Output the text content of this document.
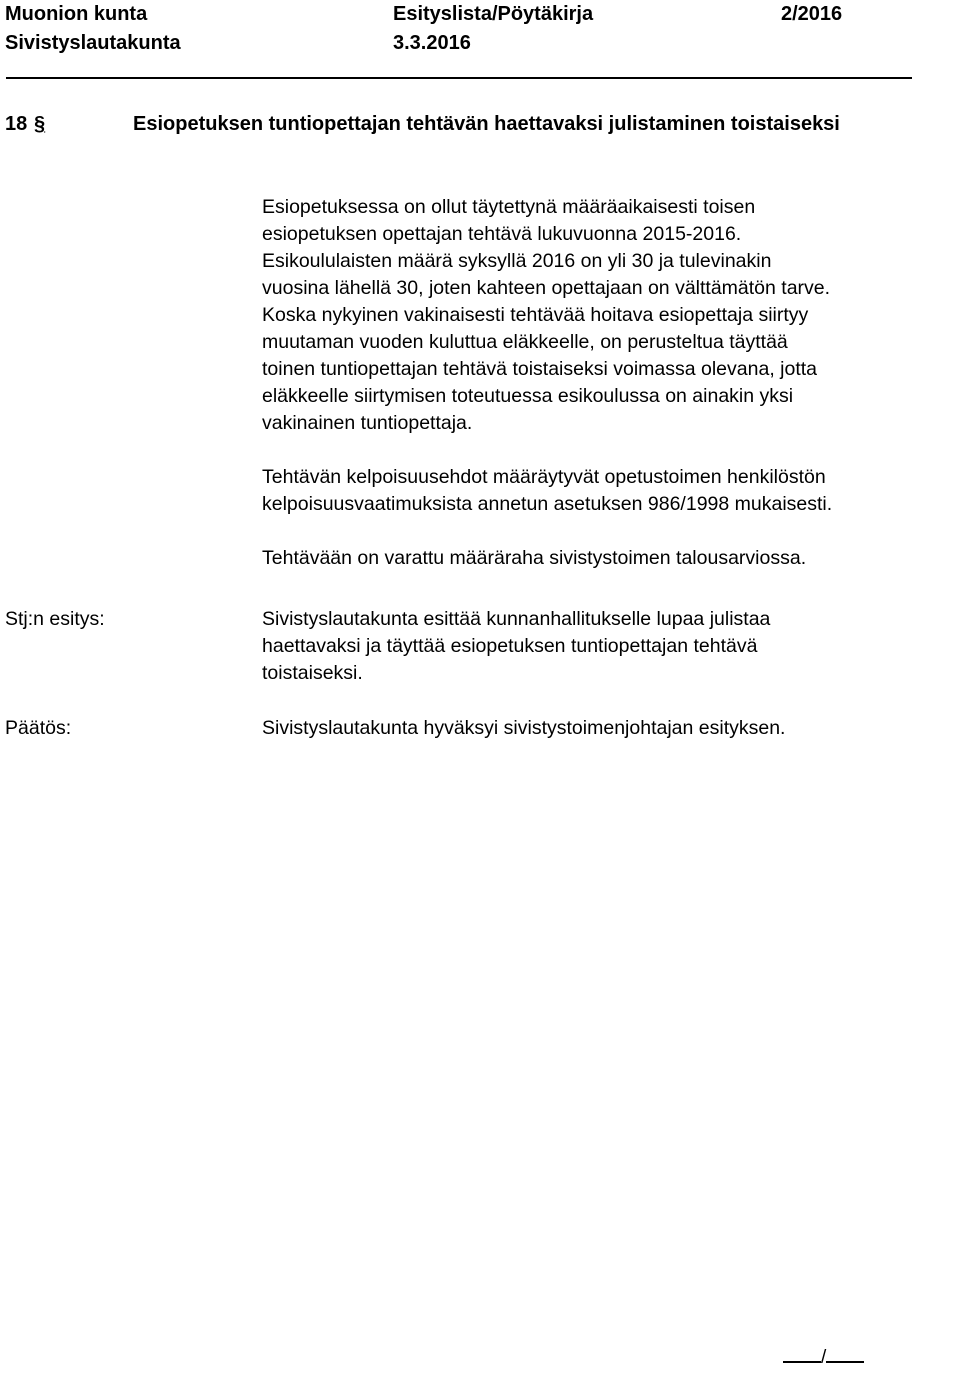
Muonion kunta	Esityslista/Pöytäkirja	2/2016
Sivistyslautakunta	3.3.2016
18 §	Esiopetuksen tuntiopettajan tehtävän haettavaksi julistaminen toistaiseksi

Esiopetuksessa on ollut täytettynä määräaikaisesti toisen
esiopetuksen opettajan tehtävä lukuvuonna 2015-2016.
Esikoululaisten määrä syksyllä 2016 on yli 30 ja tulevinakin
vuosina lähellä 30, joten kahteen opettajaan on välttämätön tarve.
Koska nykyinen vakinaisesti tehtävää hoitava esiopettaja siirtyy
muutaman vuoden kuluttua eläkkeelle, on perusteltua täyttää
toinen tuntiopettajan tehtävä toistaiseksi voimassa olevana, jotta
eläkkeelle siirtymisen toteutuessa esikoulussa on ainakin yksi
vakinainen tuntiopettaja.

Tehtävän kelpoisuusehdot määräytyvät opetustoimen henkilöstön
kelpoisuusvaatimuksista annetun asetuksen 986/1998 mukaisesti.

Tehtävään on varattu määräraha sivistystoimen talousarviossa.

Stj:n esitys:	Sivistyslautakunta esittää kunnanhallitukselle lupaa julistaa
haettavaksi ja täyttää esiopetuksen tuntiopettajan tehtävä
toistaiseksi.

Päätös:	Sivistyslautakunta hyväksyi sivistystoimenjohtajan esityksen.

/
